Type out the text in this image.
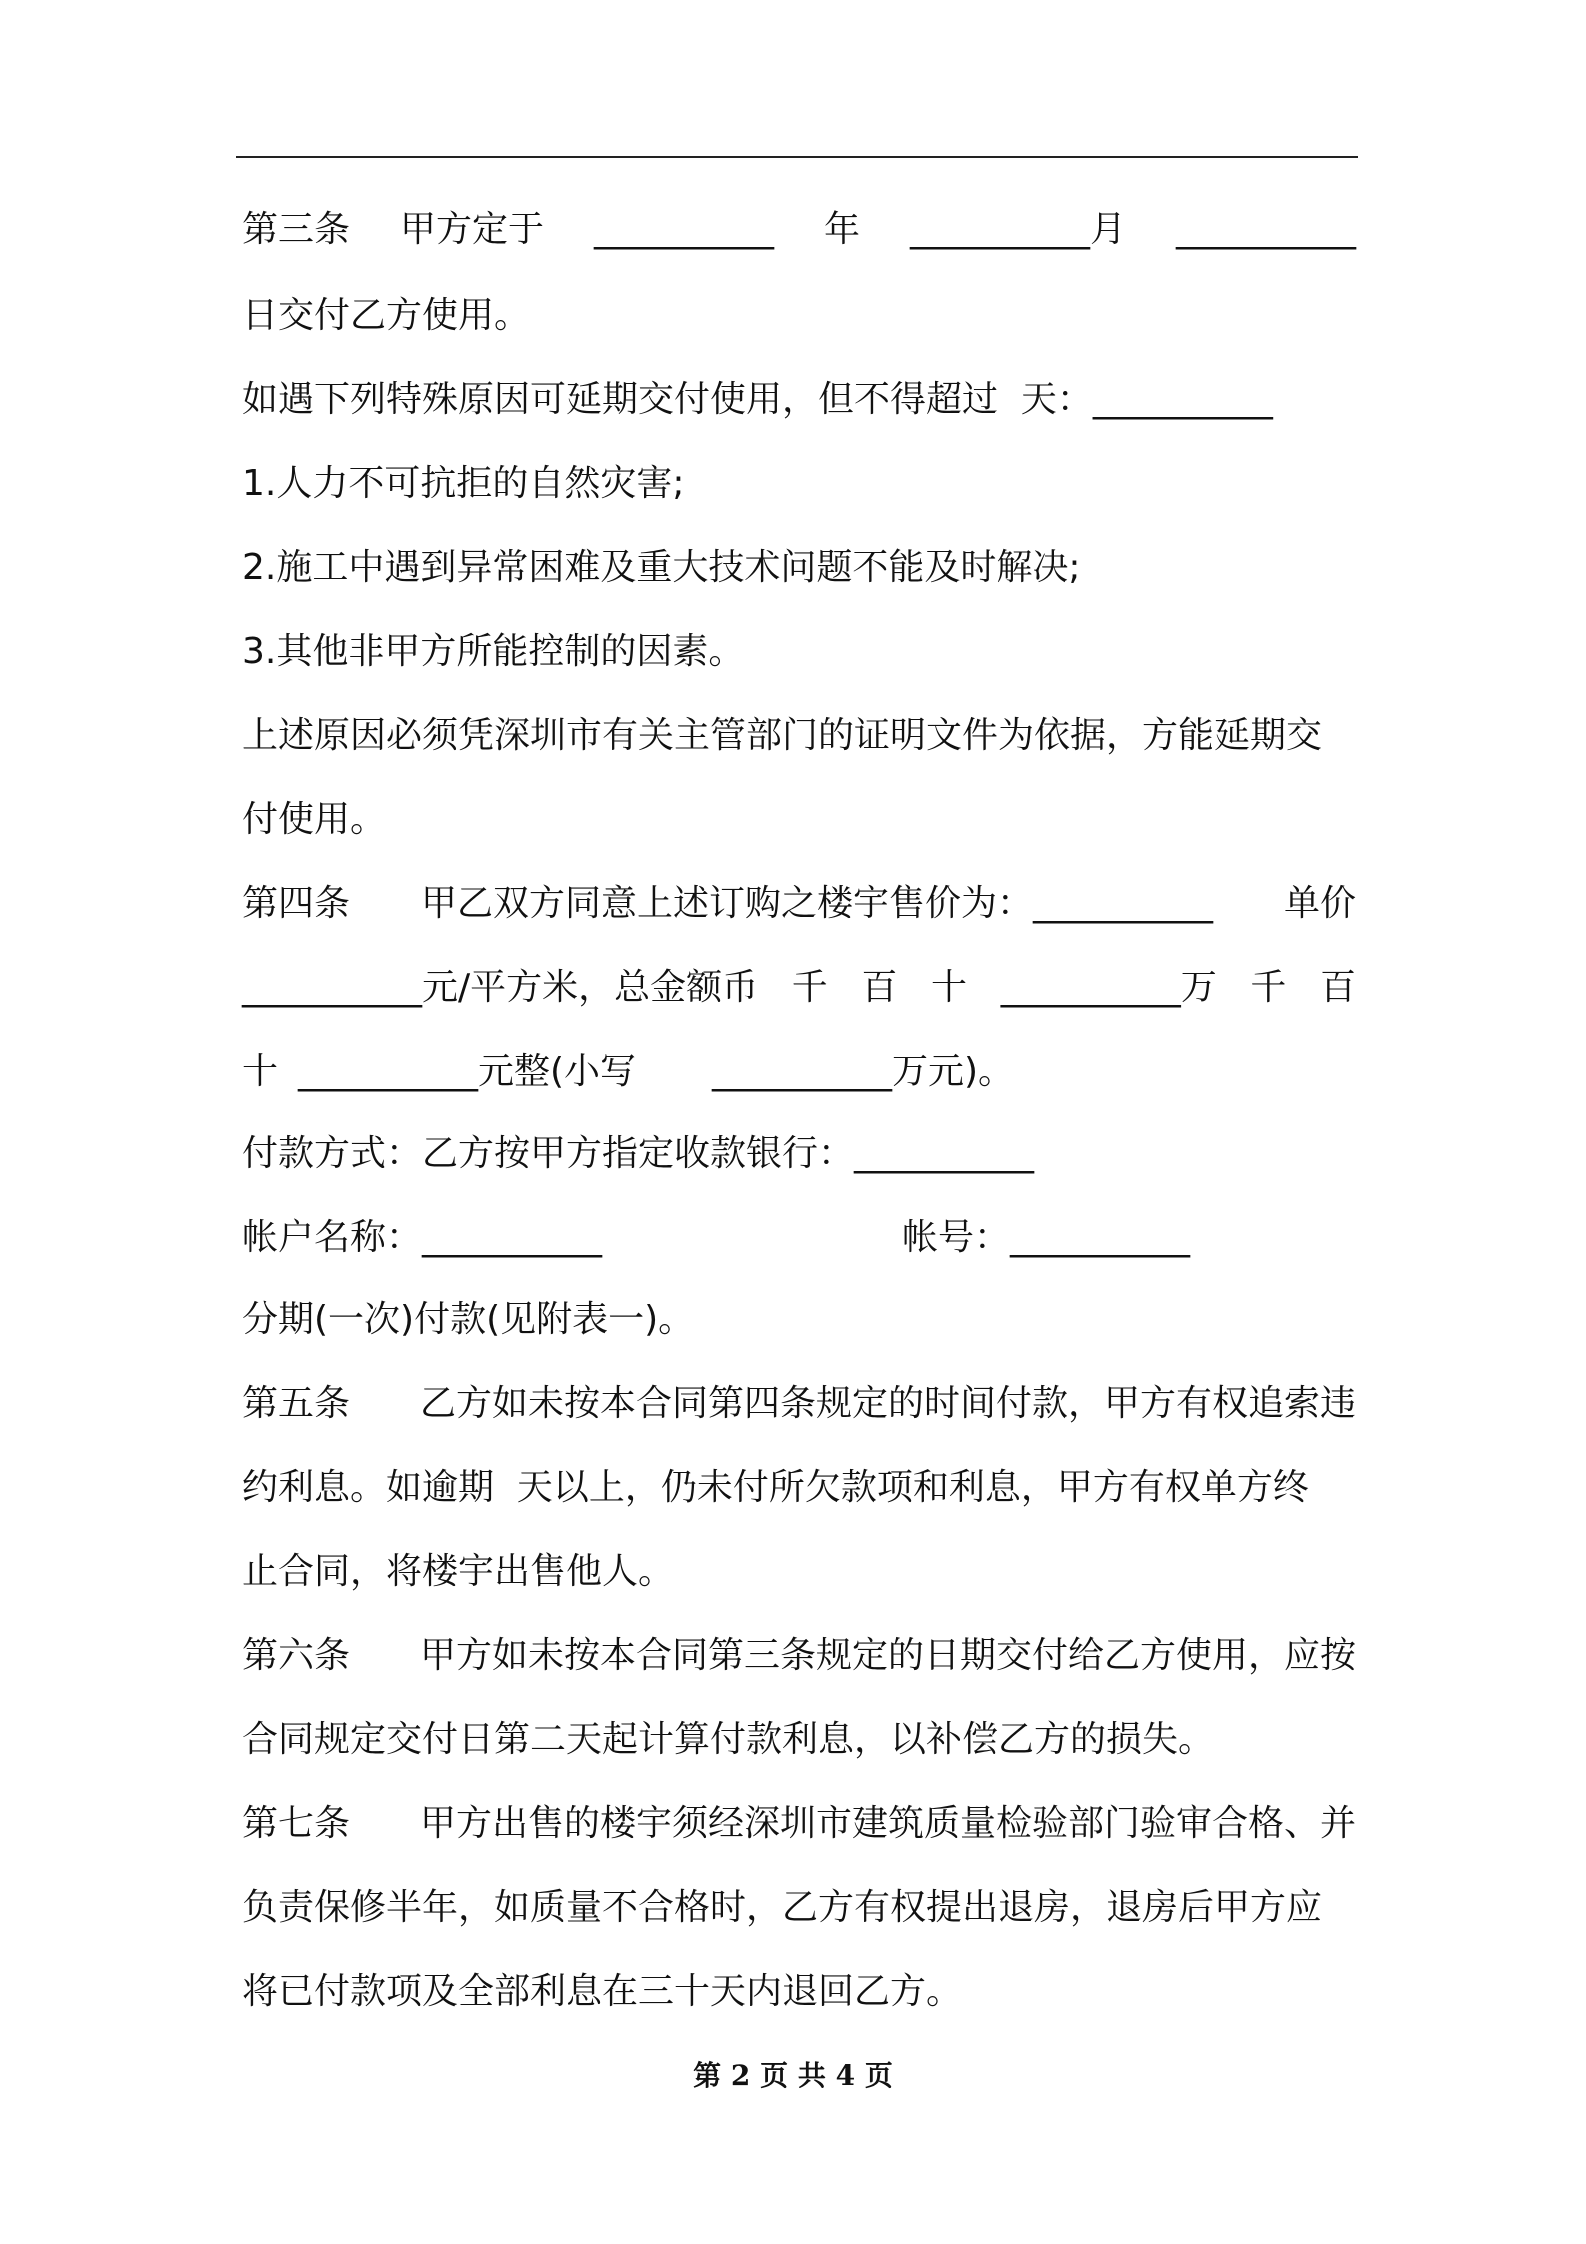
第三条 甲方定于 __________ 年 __________月 __________
日交付乙方使用。
如遇下列特殊原因可延期交付使用，但不得超过  天：__________
1.人力不可抗拒的自然灾害;
2.施工中遇到异常困难及重大技术问题不能及时解决;
3.其他非甲方所能控制的因素。
上述原因必须凭深圳市有关主管部门的证明文件为依据，方能延期交
付使用。
第四条 甲乙双方同意上述订购之楼宇售价为：__________ 单价
__________元/平方米，总金额币 千 百 十 __________万 千 百

十

__________元整(小写

__________万元)。

付款方式：乙方按甲方指定收款银行：__________

帐户名称：__________

	帐号：__________

分期(一次)付款(见附表一)。
第五条 乙方如未按本合同第四条规定的时间付款，甲方有权追索违
约利息。如逾期  天以上，仍未付所欠款项和利息，甲方有权单方终
止合同，将楼宇出售他人。
第六条 甲方如未按本合同第三条规定的日期交付给乙方使用，应按
合同规定交付日第二天起计算付款利息，以补偿乙方的损失。
第七条 甲方出售的楼宇须经深圳市建筑质量检验部门验审合格、并
负责保修半年，如质量不合格时，乙方有权提出退房，退房后甲方应
将已付款项及全部利息在三十天内退回乙方。
第 2 页 共 4 页
